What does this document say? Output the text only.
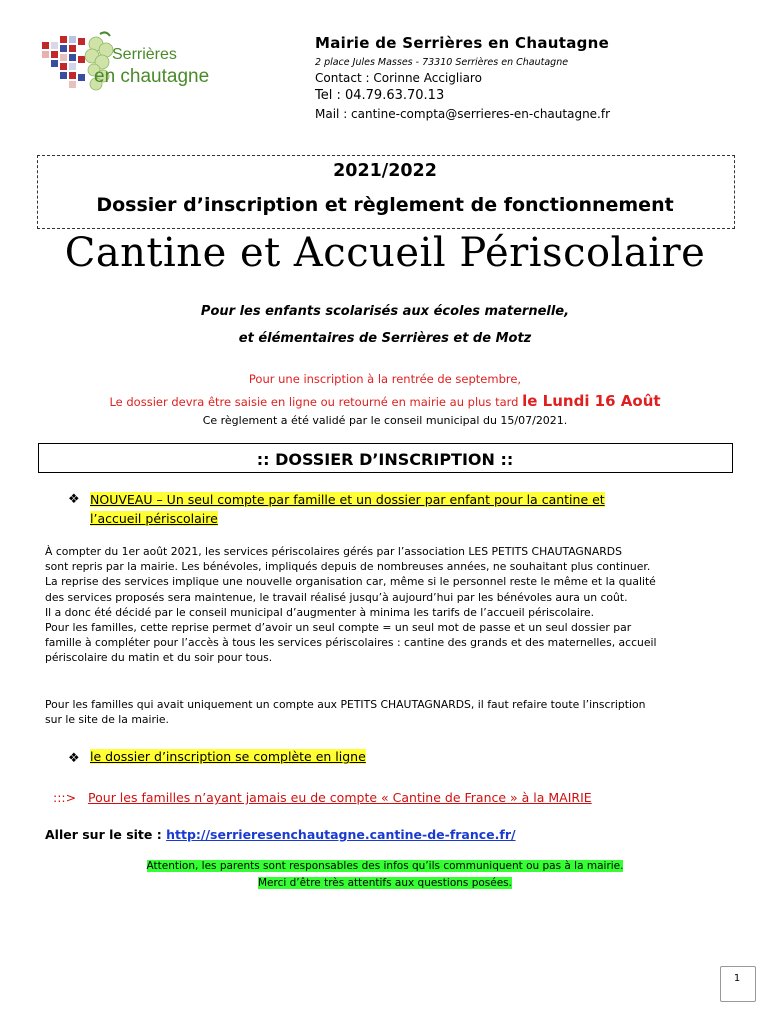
Serrières
en chautagne
Mairie de Serrières en Chautagne
2 place Jules Masses - 73310 Serrières en Chautagne
Contact : Corinne Accigliaro
Tel : 04.79.63.70.13
Mail : cantine-compta@serrieres-en-chautagne.fr
2021/2022
Dossier d’inscription et règlement de fonctionnement
Cantine et Accueil Périscolaire
Pour les enfants scolarisés aux écoles maternelle,
et élémentaires de Serrières et de Motz
Pour une inscription à la rentrée de septembre,
Le dossier devra être saisie en ligne ou retourné en mairie au plus tard le Lundi 16 Août
Ce règlement a été validé par le conseil municipal du 15/07/2021.
:: DOSSIER D’INSCRIPTION ::
❖ NOUVEAU – Un seul compte par famille et un dossier par enfant pour la cantine et
l’accueil périscolaire
À compter du 1er août 2021, les services périscolaires gérés par l’association LES PETITS CHAUTAGNARDS
sont repris par la mairie. Les bénévoles, impliqués depuis de nombreuses années, ne souhaitant plus continuer.
La reprise des services implique une nouvelle organisation car, même si le personnel reste le même et la qualité
des services proposés sera maintenue, le travail réalisé jusqu’à aujourd’hui par les bénévoles aura un coût.
Il a donc été décidé par le conseil municipal d’augmenter à minima les tarifs de l’accueil périscolaire.
Pour les familles, cette reprise permet d’avoir un seul compte = un seul mot de passe et un seul dossier par
famille à compléter pour l’accès à tous les services périscolaires : cantine des grands et des maternelles, accueil
périscolaire du matin et du soir pour tous.
Pour les familles qui avait uniquement un compte aux PETITS CHAUTAGNARDS, il faut refaire toute l’inscription
sur le site de la mairie.
❖ le dossier d’inscription se complète en ligne
:::> Pour les familles n’ayant jamais eu de compte « Cantine de France » à la MAIRIE
Aller sur le site : http://serrieresenchautagne.cantine-de-france.fr/
Attention, les parents sont responsables des infos qu’ils communiquent ou pas à la mairie.
Merci d’être très attentifs aux questions posées.
1
